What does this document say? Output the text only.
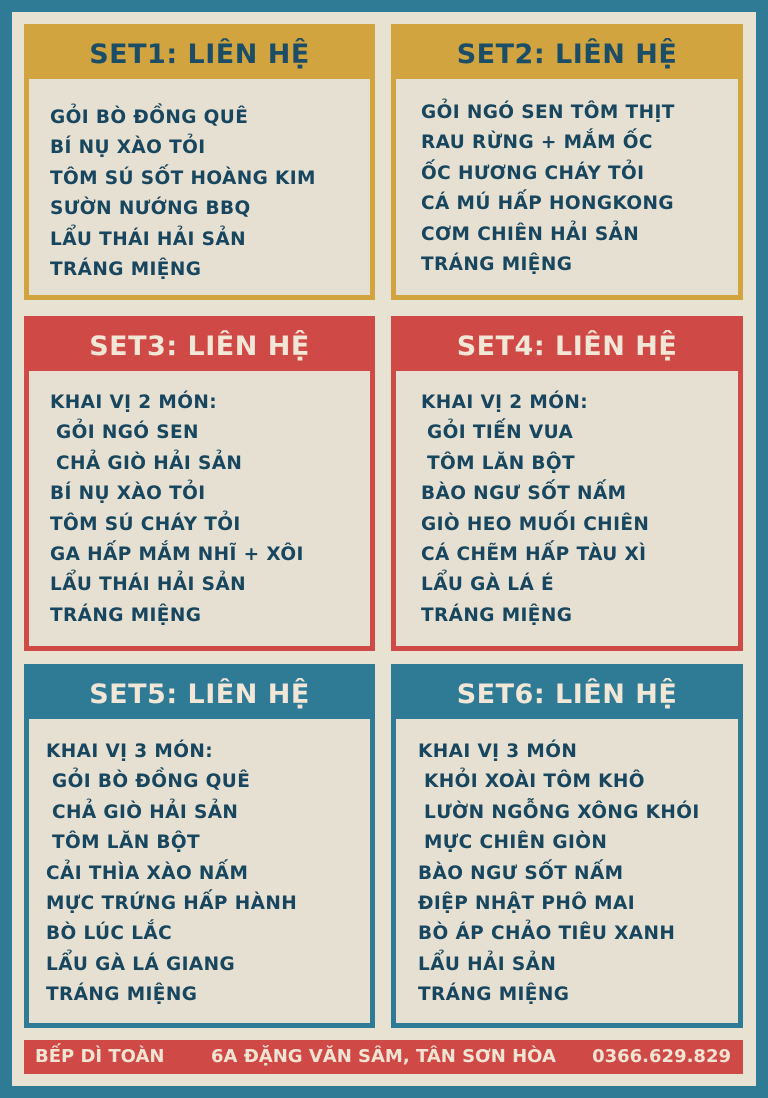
SET1: LIÊN HỆ
GỎI BÒ ĐỒNG QUÊ
BÍ NỤ XÀO TỎI
TÔM SÚ SỐT HOÀNG KIM
SƯỜN NƯỚNG BBQ
LẨU THÁI HẢI SẢN
TRÁNG MIỆNG
SET2: LIÊN HỆ
GỎI NGÓ SEN TÔM THỊT
RAU RỪNG + MẮM ỐC
ỐC HƯƠNG CHÁY TỎI
CÁ MÚ HẤP HONGKONG
CƠM CHIÊN HẢI SẢN
TRÁNG MIỆNG
SET3: LIÊN HỆ
KHAI VỊ 2 MÓN:
GỎI NGÓ SEN
CHẢ GIÒ HẢI SẢN
BÍ NỤ XÀO TỎI
TÔM SÚ CHÁY TỎI
GA HẤP MẮM NHĨ + XÔI
LẨU THÁI HẢI SẢN
TRÁNG MIỆNG
SET4: LIÊN HỆ
KHAI VỊ 2 MÓN:
GỎI TIẾN VUA
TÔM LĂN BỘT
BÀO NGƯ SỐT NẤM
GIÒ HEO MUỐI CHIÊN
CÁ CHẼM HẤP TÀU XÌ
LẨU GÀ LÁ É
TRÁNG MIỆNG
SET5: LIÊN HỆ
KHAI VỊ 3 MÓN:
GỎI BÒ ĐỒNG QUÊ
CHẢ GIÒ HẢI SẢN
TÔM LĂN BỘT
CẢI THÌA XÀO NẤM
MỰC TRỨNG HẤP HÀNH
BÒ LÚC LẮC
LẨU GÀ LÁ GIANG
TRÁNG MIỆNG
SET6: LIÊN HỆ
KHAI VỊ 3 MÓN
KHỎI XOÀI TÔM KHÔ
LƯỜN NGỖNG XÔNG KHÓI
MỰC CHIÊN GIÒN
BÀO NGƯ SỐT NẤM
ĐIỆP NHẬT PHÔ MAI
BÒ ÁP CHẢO TIÊU XANH
LẨU HẢI SẢN
TRÁNG MIỆNG
BẾP DÌ TOÀN	6A ĐẶNG VĂN SÂM, TÂN SƠN HÒA 0366.629.829
